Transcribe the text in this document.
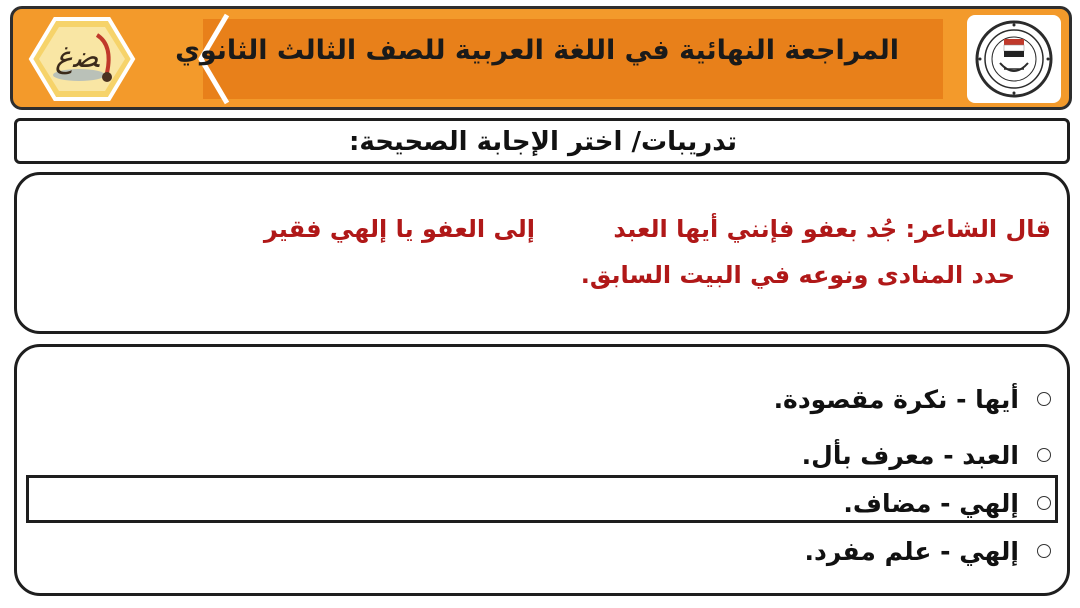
ﻀغ	المراجعة النهائية في اللغة العربية للصف الثالث الثانوي
تدريبات/ اختر الإجابة الصحيحة:
قال الشاعر: جُد بعفو فإنني أيها العبد
إلى العفو يا إلهي فقير
حدد المنادى ونوعه في البيت السابق.
أيها - نكرة مقصودة.
العبد - معرف بأل.
إلهي - مضاف.
إلهي - علم مفرد.
